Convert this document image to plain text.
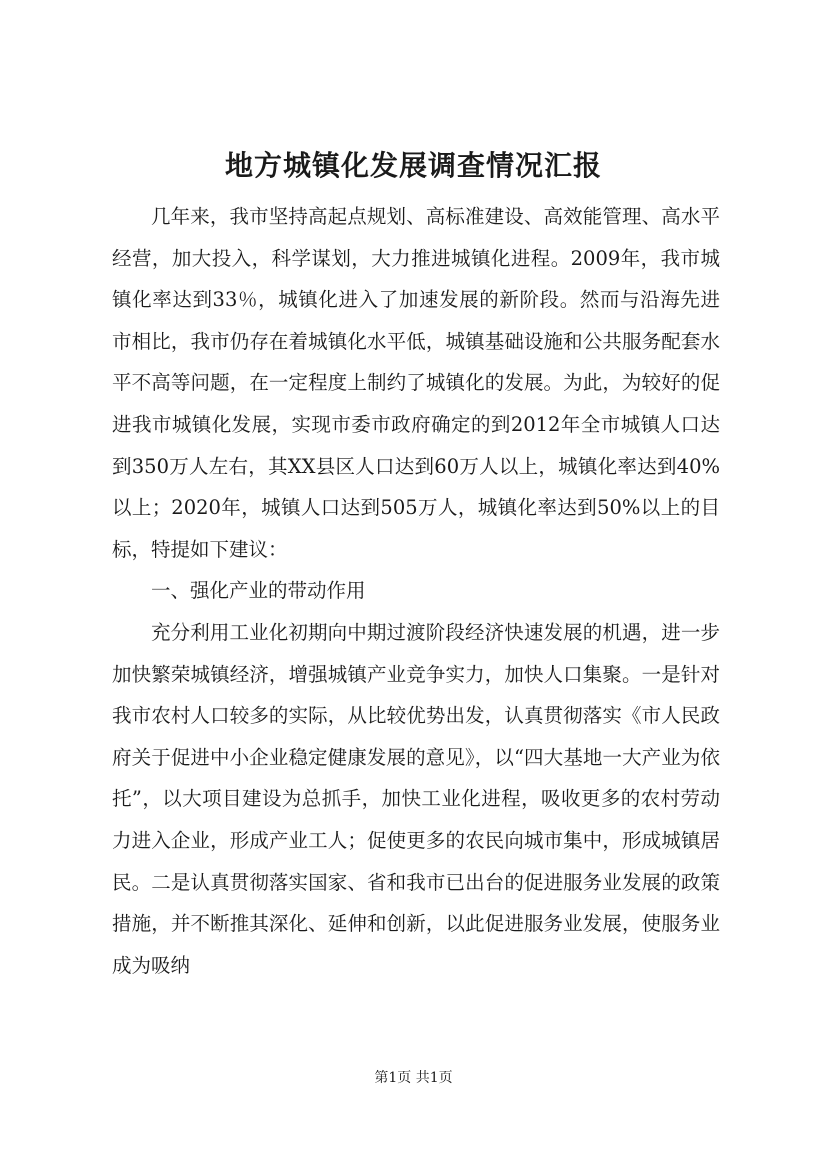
地方城镇化发展调查情况汇报

几年来，我市坚持高起点规划、高标准建设、高效能管理、高水平经营，加大投入，科学谋划，大力推进城镇化进程。2009年，我市城镇化率达到33％，城镇化进入了加速发展的新阶段。然而与沿海先进市相比，我市仍存在着城镇化水平低，城镇基础设施和公共服务配套水平不高等问题，在一定程度上制约了城镇化的发展。为此，为较好的促进我市城镇化发展，实现市委市政府确定的到2012年全市城镇人口达到350万人左右，其XX县区人口达到60万人以上，城镇化率达到40%以上；2020年，城镇人口达到505万人，城镇化率达到50%以上的目标，特提如下建议：

一、强化产业的带动作用

充分利用工业化初期向中期过渡阶段经济快速发展的机遇，进一步加快繁荣城镇经济，增强城镇产业竞争实力，加快人口集聚。一是针对我市农村人口较多的实际，从比较优势出发，认真贯彻落实《市人民政府关于促进中小企业稳定健康发展的意见》，以“四大基地一大产业为依托”，以大项目建设为总抓手，加快工业化进程，吸收更多的农村劳动力进入企业，形成产业工人；促使更多的农民向城市集中，形成城镇居民。二是认真贯彻落实国家、省和我市已出台的促进服务业发展的政策措施，并不断推其深化、延伸和创新，以此促进服务业发展，使服务业成为吸纳

第1页 共1页
